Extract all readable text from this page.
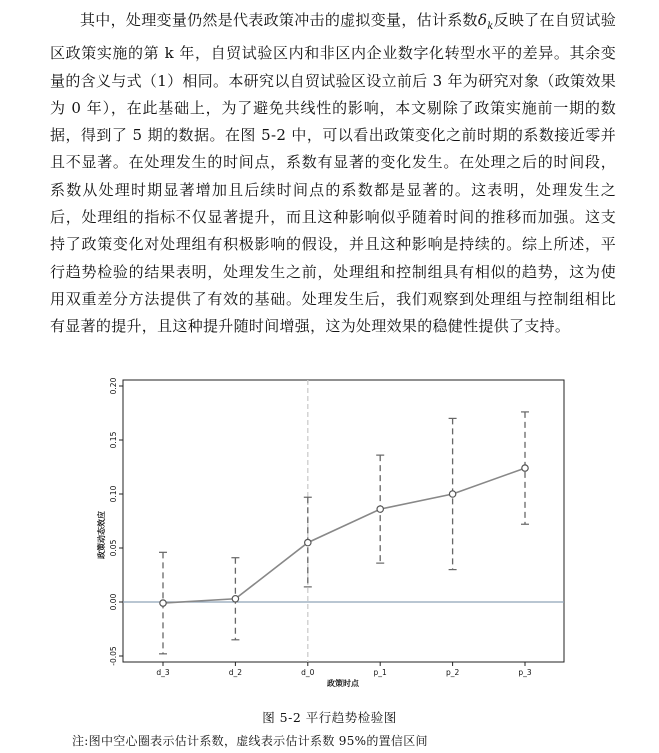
其中，处理变量仍然是代表政策冲击的虚拟变量，估计系数$\delta_k$反映了在自贸试验区政策实施的第 k 年，自贸试验区内和非区内企业数字化转型水平的差异。其余变量的含义与式（1）相同。本研究以自贸试验区设立前后 3 年为研究对象（政策效果为 0 年），在此基础上，为了避免共线性的影响，本文剔除了政策实施前一期的数据，得到了 5 期的数据。在图 5-2 中，可以看出政策变化之前时期的系数接近零并且不显著。在处理发生的时间点，系数有显著的变化发生。在处理之后的时间段，系数从处理时期显著增加且后续时间点的系数都是显著的。这表明，处理发生之后，处理组的指标不仅显著提升，而且这种影响似乎随着时间的推移而加强。这支持了政策变化对处理组有积极影响的假设，并且这种影响是持续的。综上所述，平行趋势检验的结果表明，处理发生之前，处理组和控制组具有相似的趋势，这为使用双重差分方法提供了有效的基础。处理发生后，我们观察到处理组与控制组相比有显著的提升，且这种提升随时间增强，这为处理效果的稳健性提供了支持。

-0.05
0.00
0.05
0.10
0.15
0.20
d_3	d_2	d_0	p_1	p_2	p_3
政策动态效应
政策时点
图 5-2 平行趋势检验图
注:图中空心圈表示估计系数，虚线表示估计系数 95%的置信区间
